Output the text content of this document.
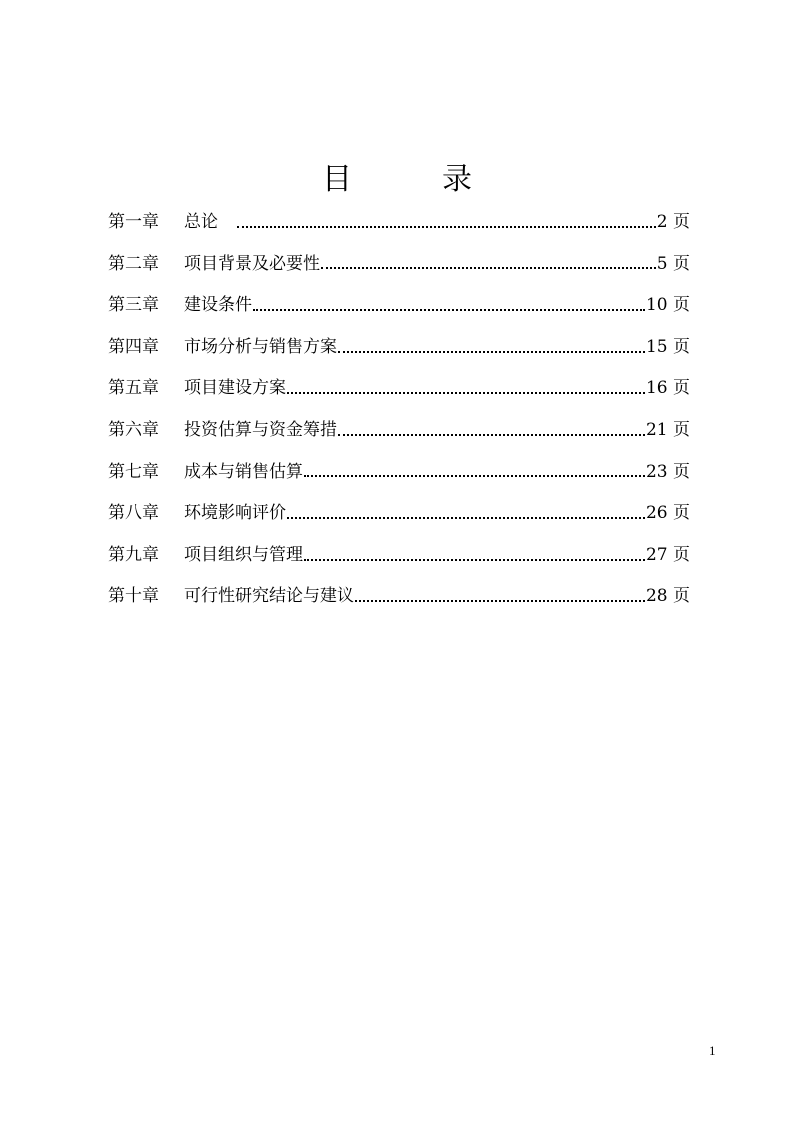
目	录
第一章	总论	2 页
第二章	项目背景及必要性	5 页
第三章	建设条件	10 页
第四章	市场分析与销售方案	15 页
第五章	项目建设方案	16 页
第六章	投资估算与资金筹措	21 页
第七章	成本与销售估算	23 页
第八章	环境影响评价	26 页
第九章	项目组织与管理	27 页
第十章	可行性研究结论与建议	28 页
1
